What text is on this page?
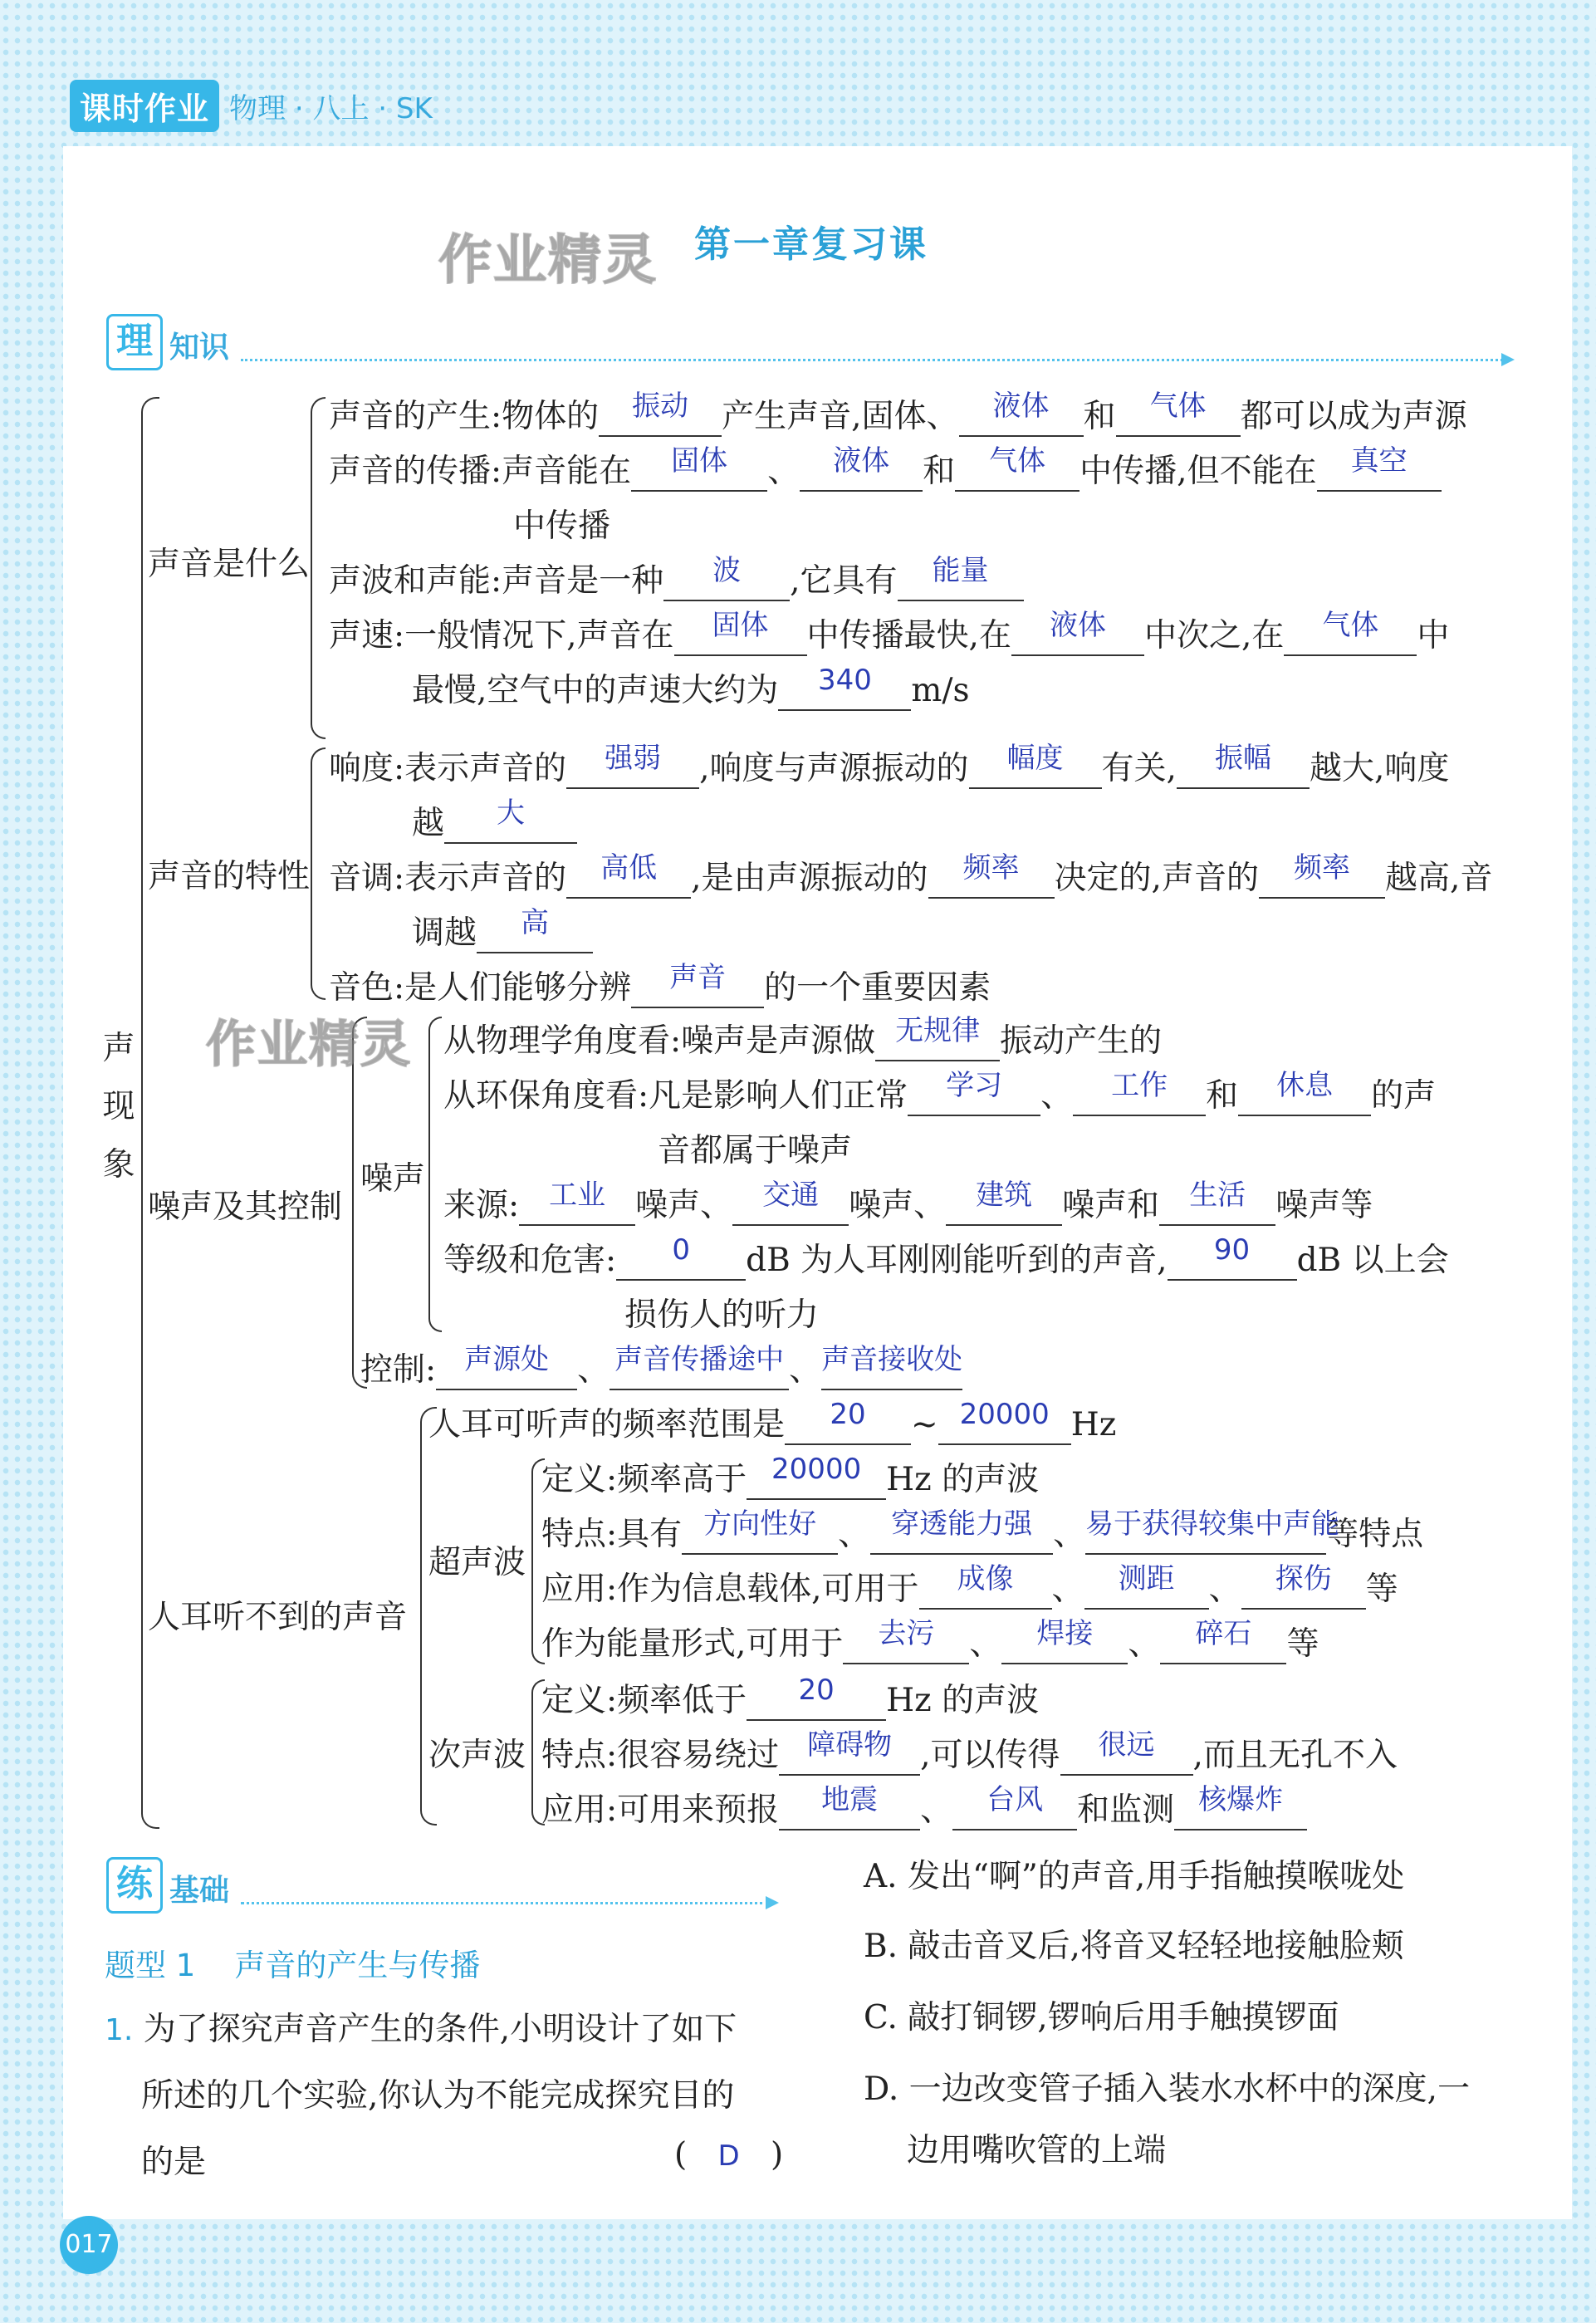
课时作业 物理 · 八上 · SK
作业精灵 第一章复习课
理 知识
声
现
象
声音是什么
声音的特性
噪声及其控制
噪声
人耳听不到的声音
超声波
次声波
声音的产生:物体的 振动 产生声音,固体、 液体 和 气体 都可以成为声源
声音的传播:声音能在 固体 、 液体 和 气体 中传播,但不能在 真空
中传播
声波和声能:声音是一种 波 ,它具有 能量
声速:一般情况下,声音在 固体 中传播最快,在 液体 中次之,在 气体 中
最慢,空气中的声速大约为 340 m/s
响度:表示声音的 强弱 ,响度与声源振动的 幅度 有关, 振幅 越大,响度
越 大
音调:表示声音的 高低 ,是由声源振动的 频率 决定的,声音的 频率 越高,音
调越 高
音色:是人们能够分辨 声音 的一个重要因素
作业精灵 从物理学角度看:噪声是声源做 无规律 振动产生的
从环保角度看:凡是影响人们正常 学习 、 工作 和 休息 的声
音都属于噪声
来源: 工业 噪声、 交通 噪声、 建筑 噪声和 生活 噪声等
等级和危害: 0 dB 为人耳刚刚能听到的声音, 90 dB 以上会
损伤人的听力
控制: 声源处 、 声音传播途中 、声音接收处
人耳可听声的频率范围是 20 ~ 20000 Hz
定义:频率高于 20000 Hz 的声波
特点:具有 方向性好 、 穿透能力强 、易于获得较集中声能等特点
应用:作为信息载体,可用于 成像 、 测距 、 探伤 等
作为能量形式,可用于 去污 、 焊接 、 碎石 等
定义:频率低于 20 Hz 的声波
特点:很容易绕过 障碍物 ,可以传得 很远 ,而且无孔不入
应用:可用来预报 地震 、 台风 和监测 核爆炸
练 基础
题型 1    声音的产生与传播
1. 为了探究声音产生的条件,小明设计了如下
所述的几个实验,你认为不能完成探究目的
的是	( D )
A. 发出“啊”的声音,用手指触摸喉咙处
B. 敲击音叉后,将音叉轻轻地接触脸颊
C. 敲打铜锣,锣响后用手触摸锣面
D. 一边改变管子插入装水水杯中的深度,一
边用嘴吹管的上端
017
